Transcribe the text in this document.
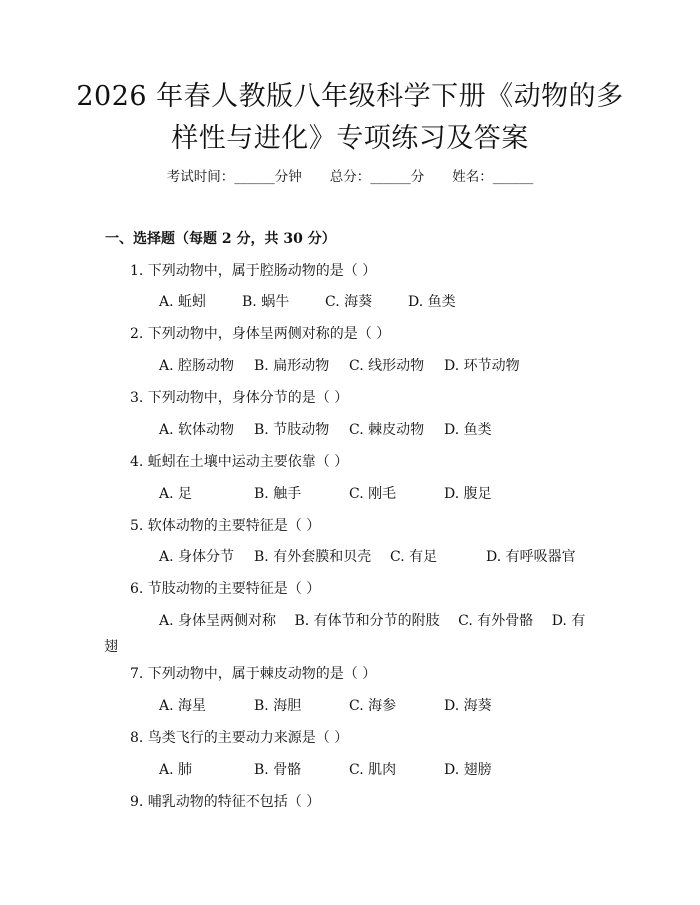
2026 年春人教版八年级科学下册《动物的多
样性与进化》专项练习及答案
考试时间：______分钟 总分：______分 姓名：______
一、选择题（每题 2 分，共 30 分）
1. 下列动物中，属于腔肠动物的是（ ）
A. 蚯蚓	B. 蜗牛	C. 海葵	D. 鱼类
2. 下列动物中，身体呈两侧对称的是（ ）
A. 腔肠动物 B. 扁形动物 C. 线形动物 D. 环节动物
3. 下列动物中，身体分节的是（ ）
A. 软体动物 B. 节肢动物 C. 棘皮动物 D. 鱼类
4. 蚯蚓在土壤中运动主要依靠（ ）
A. 足	B. 触手	C. 刚毛	D. 腹足
5. 软体动物的主要特征是（ ）
A. 身体分节 B. 有外套膜和贝壳 C. 有足	D. 有呼吸器官
6. 节肢动物的主要特征是（ ）
A. 身体呈两侧对称 B. 有体节和分节的附肢 C. 有外骨骼 D. 有翅
7. 下列动物中，属于棘皮动物的是（ ）
A. 海星	B. 海胆	C. 海参	D. 海葵
8. 鸟类飞行的主要动力来源是（ ）
A. 肺	B. 骨骼	C. 肌肉	D. 翅膀
9. 哺乳动物的特征不包括（ ）
